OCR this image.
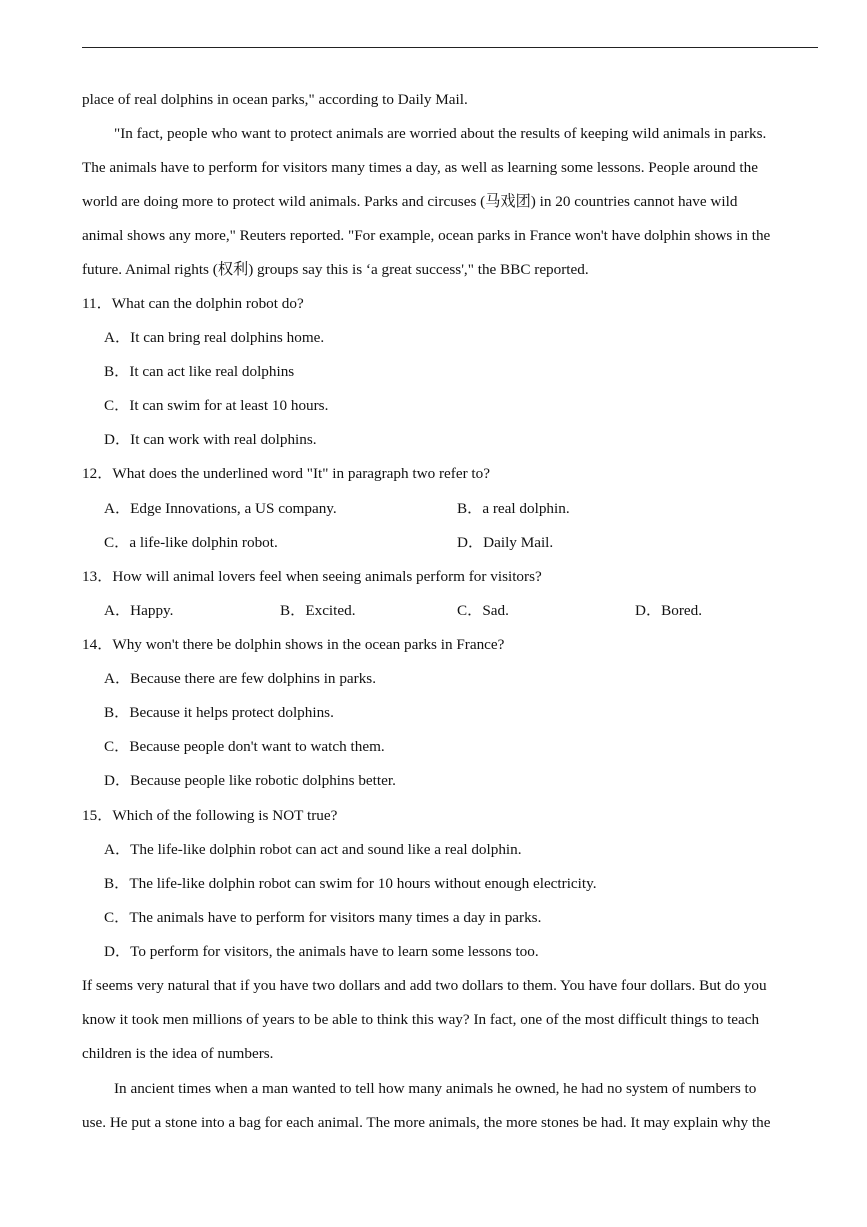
place of real dolphins in ocean parks," according to Daily Mail.
"In fact, people who want to protect animals are worried about the results of keeping wild animals in parks.
The animals have to perform for visitors many times a day, as well as learning some lessons. People around the
world are doing more to protect wild animals. Parks and circuses (马戏团) in 20 countries cannot have wild
animal shows any more," Reuters reported. "For example, ocean parks in France won't have dolphin shows in the
future. Animal rights (权利) groups say this is ‘a great success'," the BBC reported.
11．What can the dolphin robot do?
A．It can bring real dolphins home.
B．It can act like real dolphins
C．It can swim for at least 10 hours.
D．It can work with real dolphins.
12．What does the underlined word "It" in paragraph two refer to?
A．Edge Innovations, a US company.	B．a real dolphin.
C．a life-like dolphin robot.	D．Daily Mail.
13．How will animal lovers feel when seeing animals perform for visitors?
A．Happy.	B．Excited.	C．Sad.	D．Bored.
14．Why won't there be dolphin shows in the ocean parks in France?
A．Because there are few dolphins in parks.
B．Because it helps protect dolphins.
C．Because people don't want to watch them.
D．Because people like robotic dolphins better.
15．Which of the following is NOT true?
A．The life-like dolphin robot can act and sound like a real dolphin.
B．The life-like dolphin robot can swim for 10 hours without enough electricity.
C．The animals have to perform for visitors many times a day in parks.
D．To perform for visitors, the animals have to learn some lessons too.
If seems very natural that if you have two dollars and add two dollars to them. You have four dollars. But do you
know it took men millions of years to be able to think this way? In fact, one of the most difficult things to teach
children is the idea of numbers.
In ancient times when a man wanted to tell how many animals he owned, he had no system of numbers to
use. He put a stone into a bag for each animal. The more animals, the more stones be had. It may explain why the
